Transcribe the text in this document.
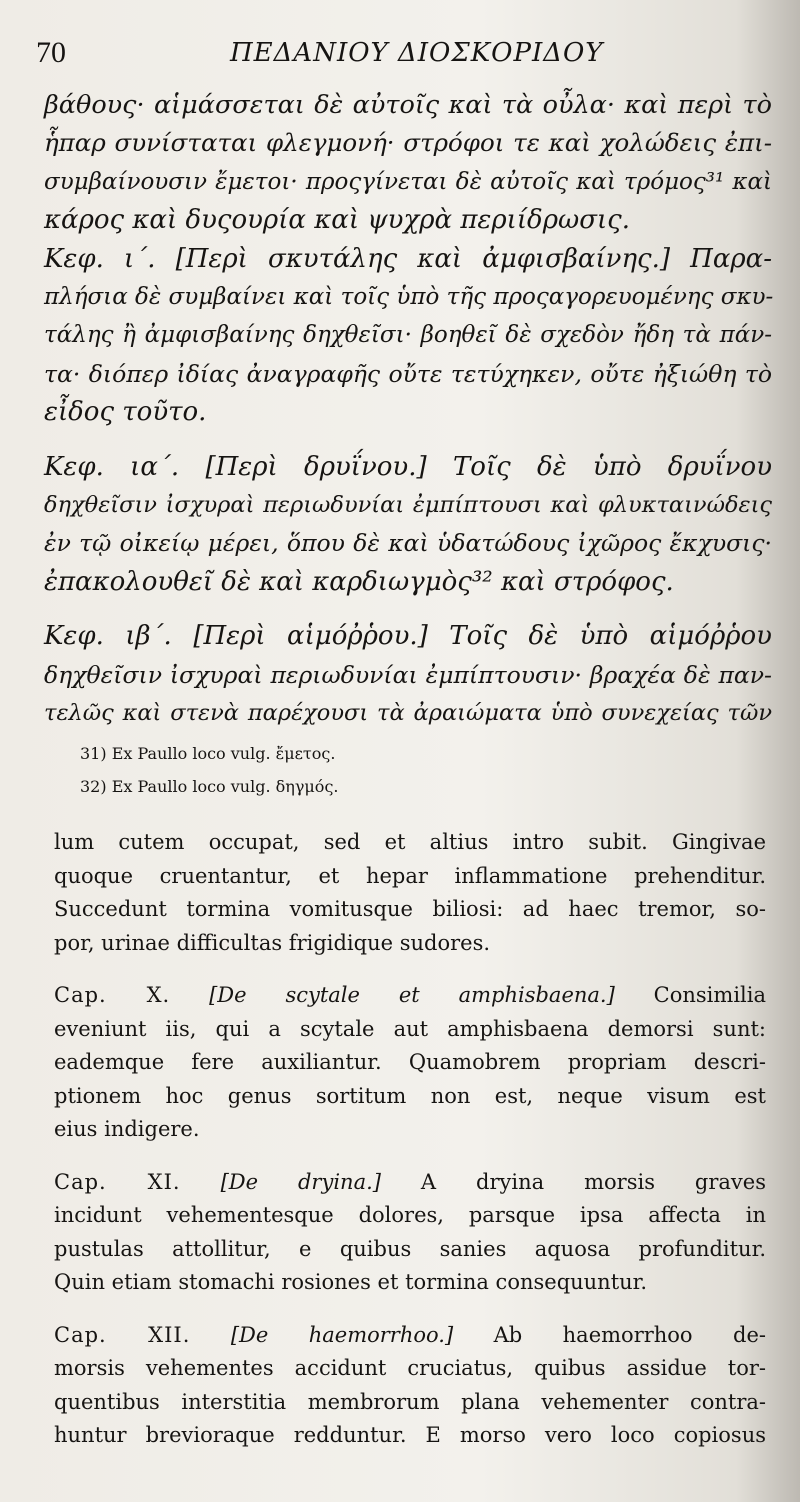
70	ΠΕΔΑΝΙΟΥ ΔΙΟΣΚΟΡΙΔΟΥ
βάθους· αἱμάσσεται δὲ αὐτοῖς καὶ τὰ οὖλα· καὶ περὶ τὸ
ἧπαρ συνίσταται φλεγμονή· στρόφοι τε καὶ χολώδεις ἐπι-
συμβαίνουσιν ἔμετοι· προςγίνεται δὲ αὐτοῖς καὶ τρόμος³¹ καὶ
κάρος καὶ δυςουρία καὶ ψυχρὰ περιίδρωσις.
Κεφ. ι΄. [Περὶ σκυτάλης καὶ ἀμφισβαίνης.] Παρα-
πλήσια δὲ συμβαίνει καὶ τοῖς ὑπὸ τῆς προςαγορευομένης σκυ-
τάλης ἢ ἀμφισβαίνης δηχθεῖσι· βοηθεῖ δὲ σχεδὸν ἤδη τὰ πάν-
τα· διόπερ ἰδίας ἀναγραφῆς οὔτε τετύχηκεν, οὔτε ἠξιώθη τὸ
εἶδος τοῦτο.
Κεφ. ια΄. [Περὶ δρυΐνου.] Τοῖς δὲ ὑπὸ δρυΐνου
δηχθεῖσιν ἰσχυραὶ περιωδυνίαι ἐμπίπτουσι καὶ φλυκταινώδεις
ἐν τῷ οἰκείῳ μέρει, ὅπου δὲ καὶ ὑδατώδους ἰχῶρος ἔκχυσις·
ἐπακολουθεῖ δὲ καὶ καρδιωγμὸς³² καὶ στρόφος.
Κεφ. ιβ΄. [Περὶ αἱμόῤῥου.] Τοῖς δὲ ὑπὸ αἱμόῤῥου
δηχθεῖσιν ἰσχυραὶ περιωδυνίαι ἐμπίπτουσιν· βραχέα δὲ παν-
τελῶς καὶ στενὰ παρέχουσι τὰ ἀραιώματα ὑπὸ συνεχείας τῶν
31) Ex Paullo loco vulg. ἔμετος.
32) Ex Paullo loco vulg. δηγμός.
lum cutem occupat, sed et altius intro subit. Gingivae
quoque cruentantur, et hepar inflammatione prehenditur.
Succedunt tormina vomitusque biliosi: ad haec tremor, so-
por, urinae difficultas frigidique sudores.
Cap. X. [De scytale et amphisbaena.] Consimilia
eveniunt iis, qui a scytale aut amphisbaena demorsi sunt:
eademque fere auxiliantur. Quamobrem propriam descri-
ptionem hoc genus sortitum non est, neque visum est
eius indigere.
Cap. XI. [De dryina.] A dryina morsis graves
incidunt vehementesque dolores, parsque ipsa affecta in
pustulas attollitur, e quibus sanies aquosa profunditur.
Quin etiam stomachi rosiones et tormina consequuntur.
Cap. XII. [De haemorrhoo.] Ab haemorrhoo de-
morsis vehementes accidunt cruciatus, quibus assidue tor-
quentibus interstitia membrorum plana vehementer contra-
huntur brevioraque redduntur. E morso vero loco copiosus
